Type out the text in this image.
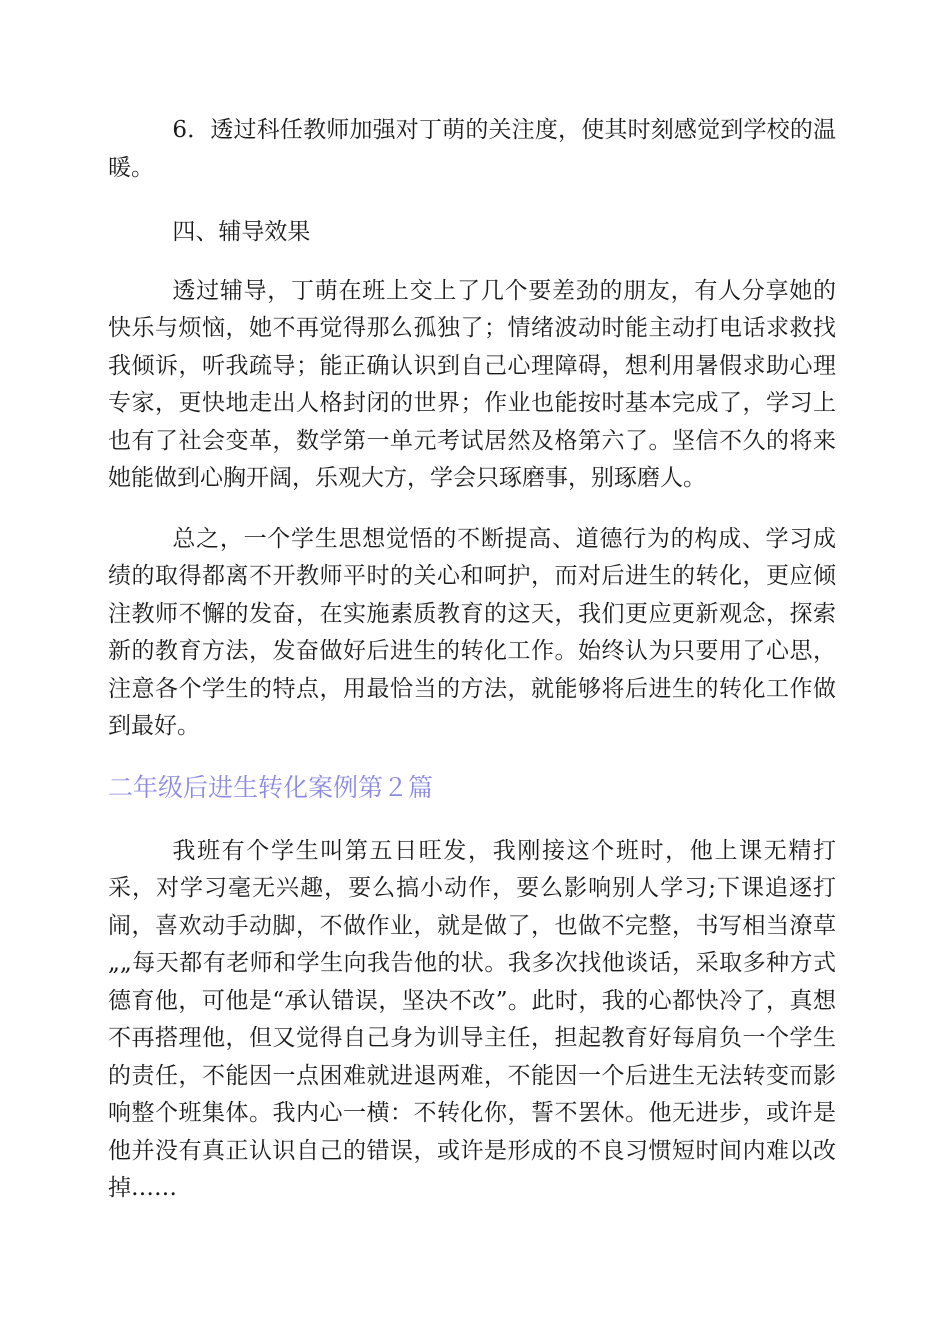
6．透过科任教师加强对丁萌的关注度，使其时刻感觉到学校的温暖。

四、辅导效果

透过辅导，丁萌在班上交上了几个要差劲的朋友，有人分享她的快乐与烦恼，她不再觉得那么孤独了；情绪波动时能主动打电话求救找我倾诉，听我疏导；能正确认识到自己心理障碍，想利用暑假求助心理专家，更快地走出人格封闭的世界；作业也能按时基本完成了，学习上也有了社会变革，数学第一单元考试居然及格第六了。坚信不久的将来她能做到心胸开阔，乐观大方，学会只琢磨事，别琢磨人。

总之，一个学生思想觉悟的不断提高、道德行为的构成、学习成绩的取得都离不开教师平时的关心和呵护，而对后进生的转化，更应倾注教师不懈的发奋，在实施素质教育的这天，我们更应更新观念，探索新的教育方法，发奋做好后进生的转化工作。始终认为只要用了心思，注意各个学生的特点，用最恰当的方法，就能够将后进生的转化工作做到最好。

二年级后进生转化案例第２篇

我班有个学生叫第五日旺发，我刚接这个班时，他上课无精打采，对学习毫无兴趣，要么搞小动作，要么影响别人学习;下课追逐打闹，喜欢动手动脚，不做作业，就是做了，也做不完整，书写相当潦草„„每天都有老师和学生向我告他的状。我多次找他谈话，采取多种方式德育他，可他是“承认错误，坚决不改”。此时，我的心都快冷了，真想不再搭理他，但又觉得自己身为训导主任，担起教育好每肩负一个学生的责任，不能因一点困难就进退两难，不能因一个后进生无法转变而影响整个班集体。我内心一横：不转化你，誓不罢休。他无进步，或许是他并没有真正认识自己的错误，或许是形成的不良习惯短时间内难以改掉……
